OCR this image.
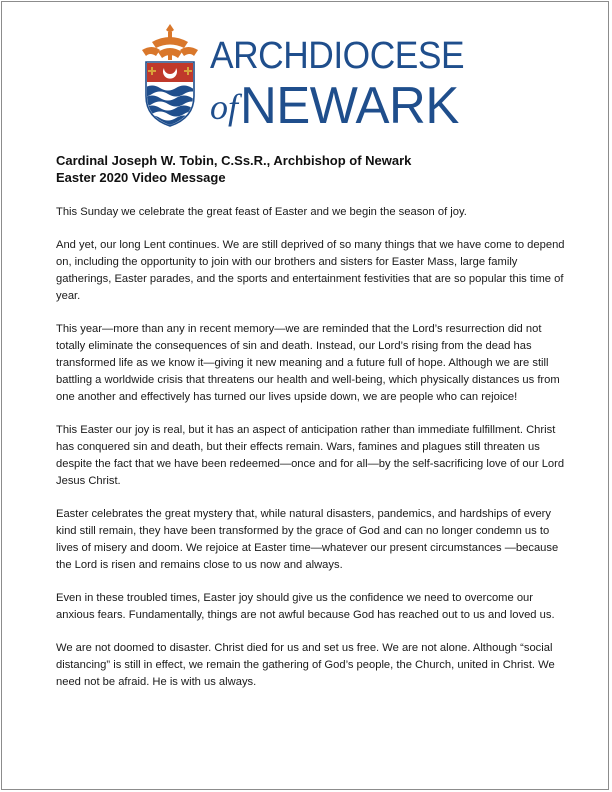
ARCHDIOCESE
ofNEWARK
Cardinal Joseph W. Tobin, C.Ss.R., Archbishop of Newark
Easter 2020 Video Message

This Sunday we celebrate the great feast of Easter and we begin the season of joy.

And yet, our long Lent continues. We are still deprived of so many things that we have come to depend on, including the opportunity to join with our brothers and sisters for Easter Mass, large family gatherings, Easter parades, and the sports and entertainment festivities that are so popular this time of year.

This year—more than any in recent memory—we are reminded that the Lord’s resurrection did not totally eliminate the consequences of sin and death. Instead, our Lord’s rising from the dead has transformed life as we know it—giving it new meaning and a future full of hope. Although we are still battling a worldwide crisis that threatens our health and well-being, which physically distances us from one another and effectively has turned our lives upside down, we are people who can rejoice!

This Easter our joy is real, but it has an aspect of anticipation rather than immediate fulfillment. Christ has conquered sin and death, but their effects remain. Wars, famines and plagues still threaten us despite the fact that we have been redeemed—once and for all—by the self-sacrificing love of our Lord Jesus Christ.

Easter celebrates the great mystery that, while natural disasters, pandemics, and hardships of every kind still remain, they have been transformed by the grace of God and can no longer condemn us to lives of misery and doom. We rejoice at Easter time—whatever our present circumstances —because the Lord is risen and remains close to us now and always.

Even in these troubled times, Easter joy should give us the confidence we need to overcome our anxious fears. Fundamentally, things are not awful because God has reached out to us and loved us.

We are not doomed to disaster. Christ died for us and set us free. We are not alone. Although “social distancing” is still in effect, we remain the gathering of God’s people, the Church, united in Christ. We need not be afraid. He is with us always.
